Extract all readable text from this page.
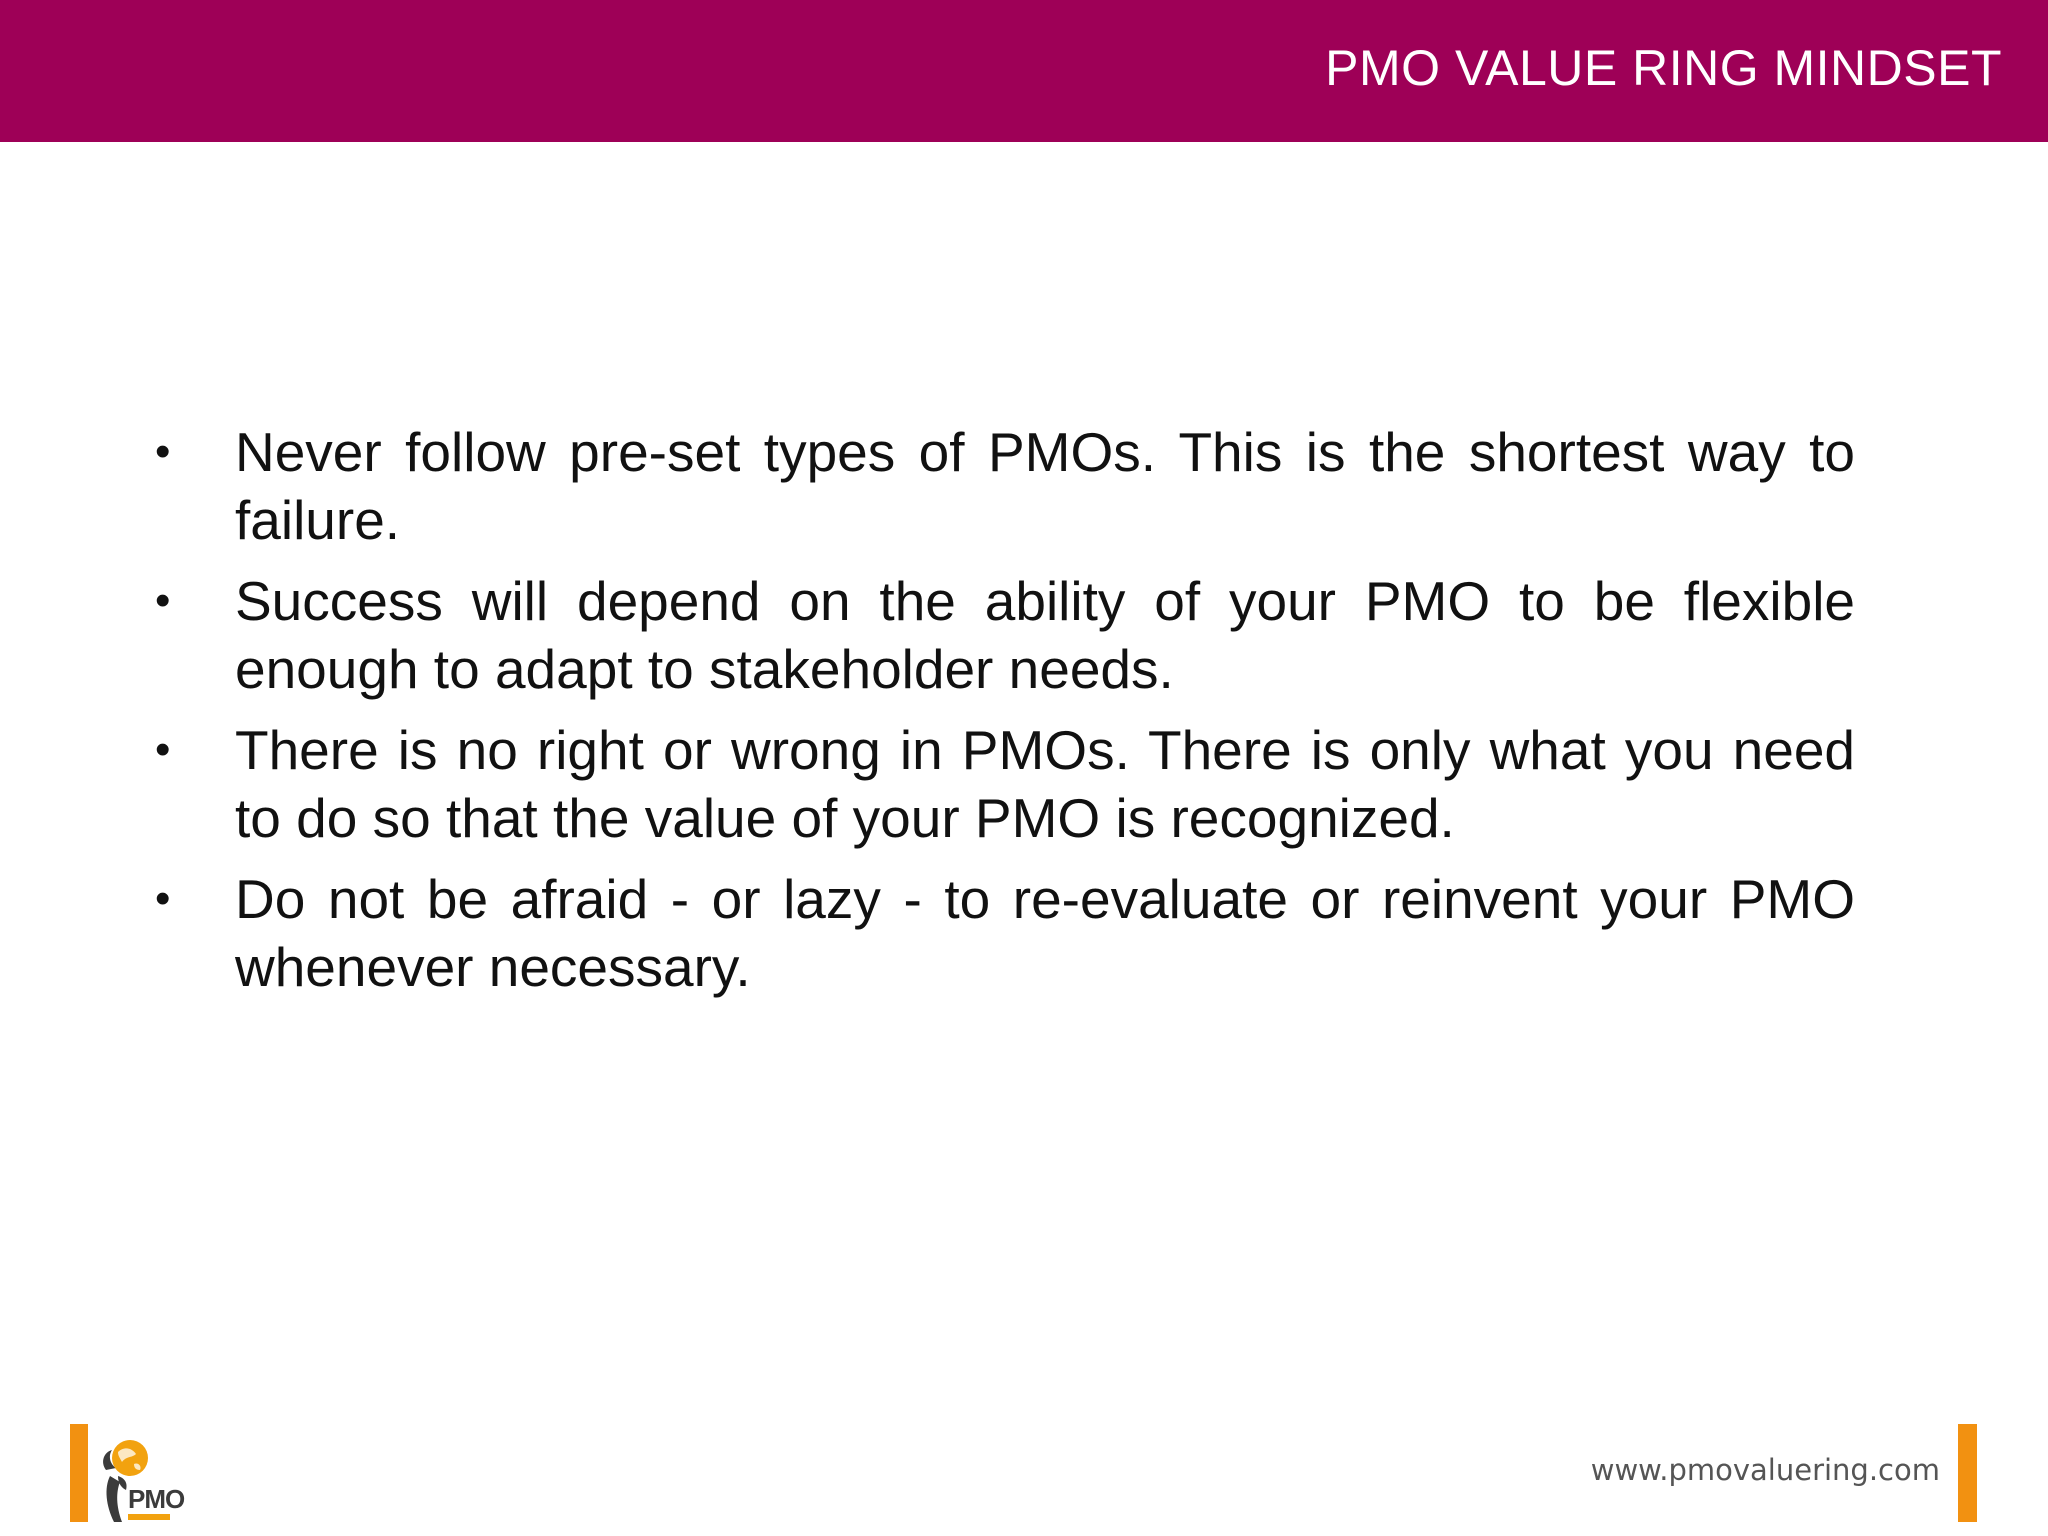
PMO VALUE RING MINDSET
•	Never follow pre-set types of PMOs. This is the shortest way to failure.
•	Success will depend on the ability of your PMO to be flexible enough to adapt to stakeholder needs.
•	There is no right or wrong in PMOs. There is only what you need to do so that the value of your PMO is recognized.
•	Do not be afraid - or lazy - to re-evaluate or reinvent your PMO whenever necessary.
PMO
www.pmovaluering.com
